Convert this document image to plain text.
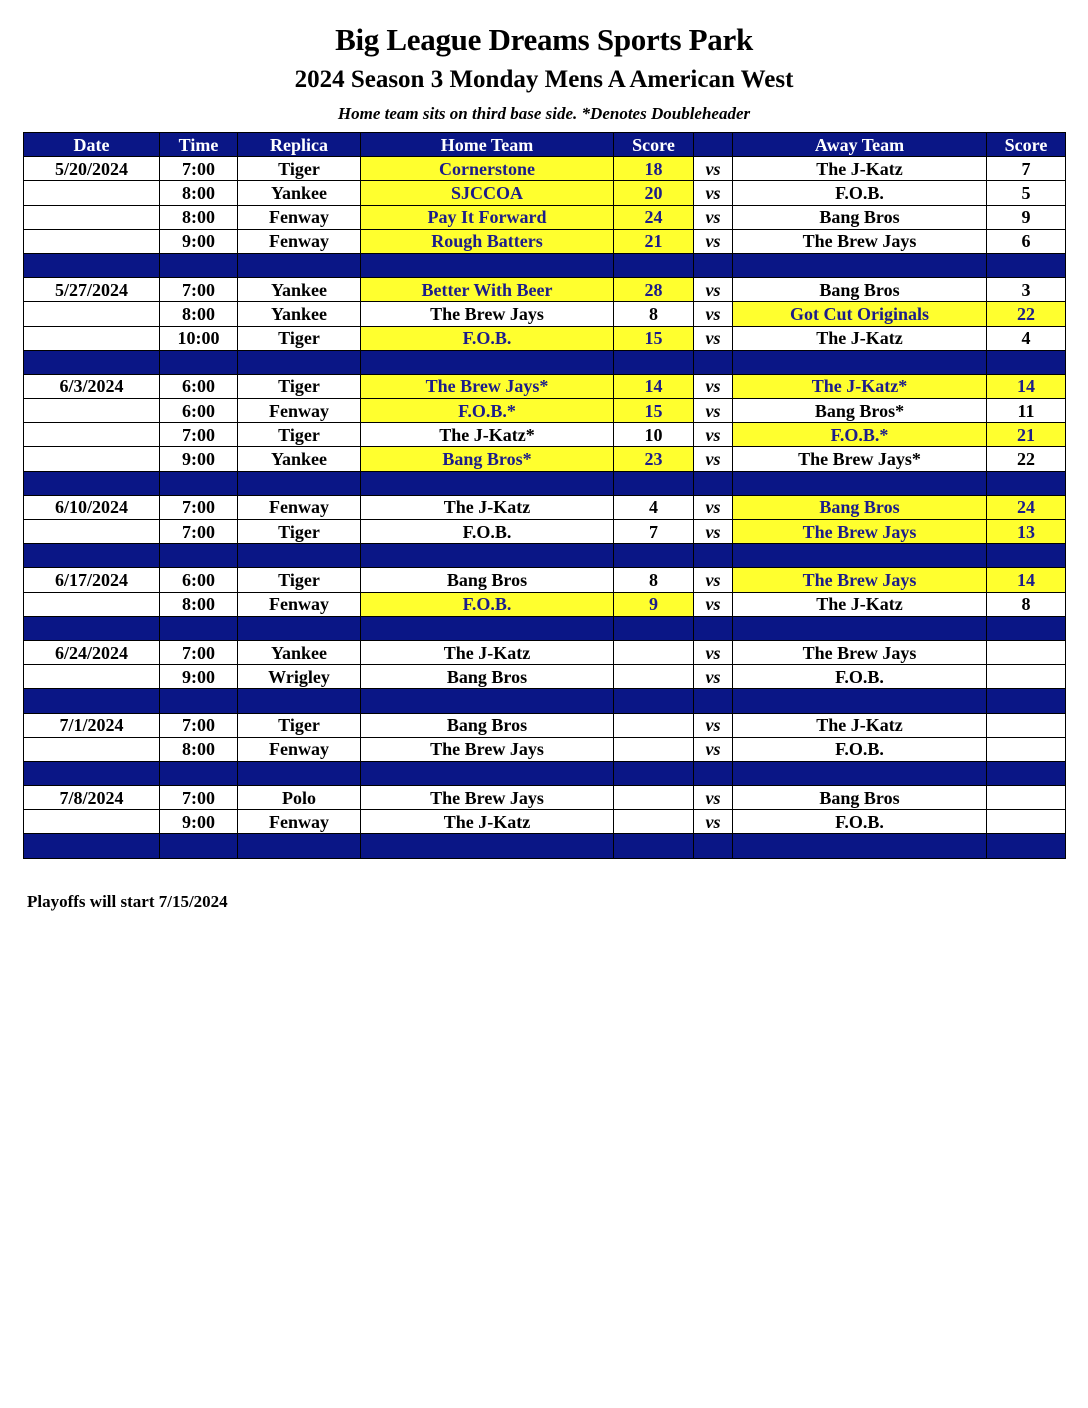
Big League Dreams Sports Park
2024 Season 3 Monday Mens A American West
Home team sits on third base side. *Denotes Doubleheader
Date	Time	Replica	Home Team	Score		Away Team	Score
5/20/2024	7:00	Tiger	Cornerstone	18	vs	The J-Katz	7
	8:00	Yankee	SJCCOA	20	vs	F.O.B.	5
	8:00	Fenway	Pay It Forward	24	vs	Bang Bros	9
	9:00	Fenway	Rough Batters	21	vs	The Brew Jays	6

5/27/2024	7:00	Yankee	Better With Beer	28	vs	Bang Bros	3
	8:00	Yankee	The Brew Jays	8	vs	Got Cut Originals	22
	10:00	Tiger	F.O.B.	15	vs	The J-Katz	4

6/3/2024	6:00	Tiger	The Brew Jays*	14	vs	The J-Katz*	14
	6:00	Fenway	F.O.B.*	15	vs	Bang Bros*	11
	7:00	Tiger	The J-Katz*	10	vs	F.O.B.*	21
	9:00	Yankee	Bang Bros*	23	vs	The Brew Jays*	22

6/10/2024	7:00	Fenway	The J-Katz	4	vs	Bang Bros	24
	7:00	Tiger	F.O.B.	7	vs	The Brew Jays	13

6/17/2024	6:00	Tiger	Bang Bros	8	vs	The Brew Jays	14
	8:00	Fenway	F.O.B.	9	vs	The J-Katz	8

6/24/2024	7:00	Yankee	The J-Katz		vs	The Brew Jays	
	9:00	Wrigley	Bang Bros		vs	F.O.B.	

7/1/2024	7:00	Tiger	Bang Bros		vs	The J-Katz	
	8:00	Fenway	The Brew Jays		vs	F.O.B.	

7/8/2024	7:00	Polo	The Brew Jays		vs	Bang Bros	
	9:00	Fenway	The J-Katz		vs	F.O.B.	

Playoffs will start 7/15/2024
